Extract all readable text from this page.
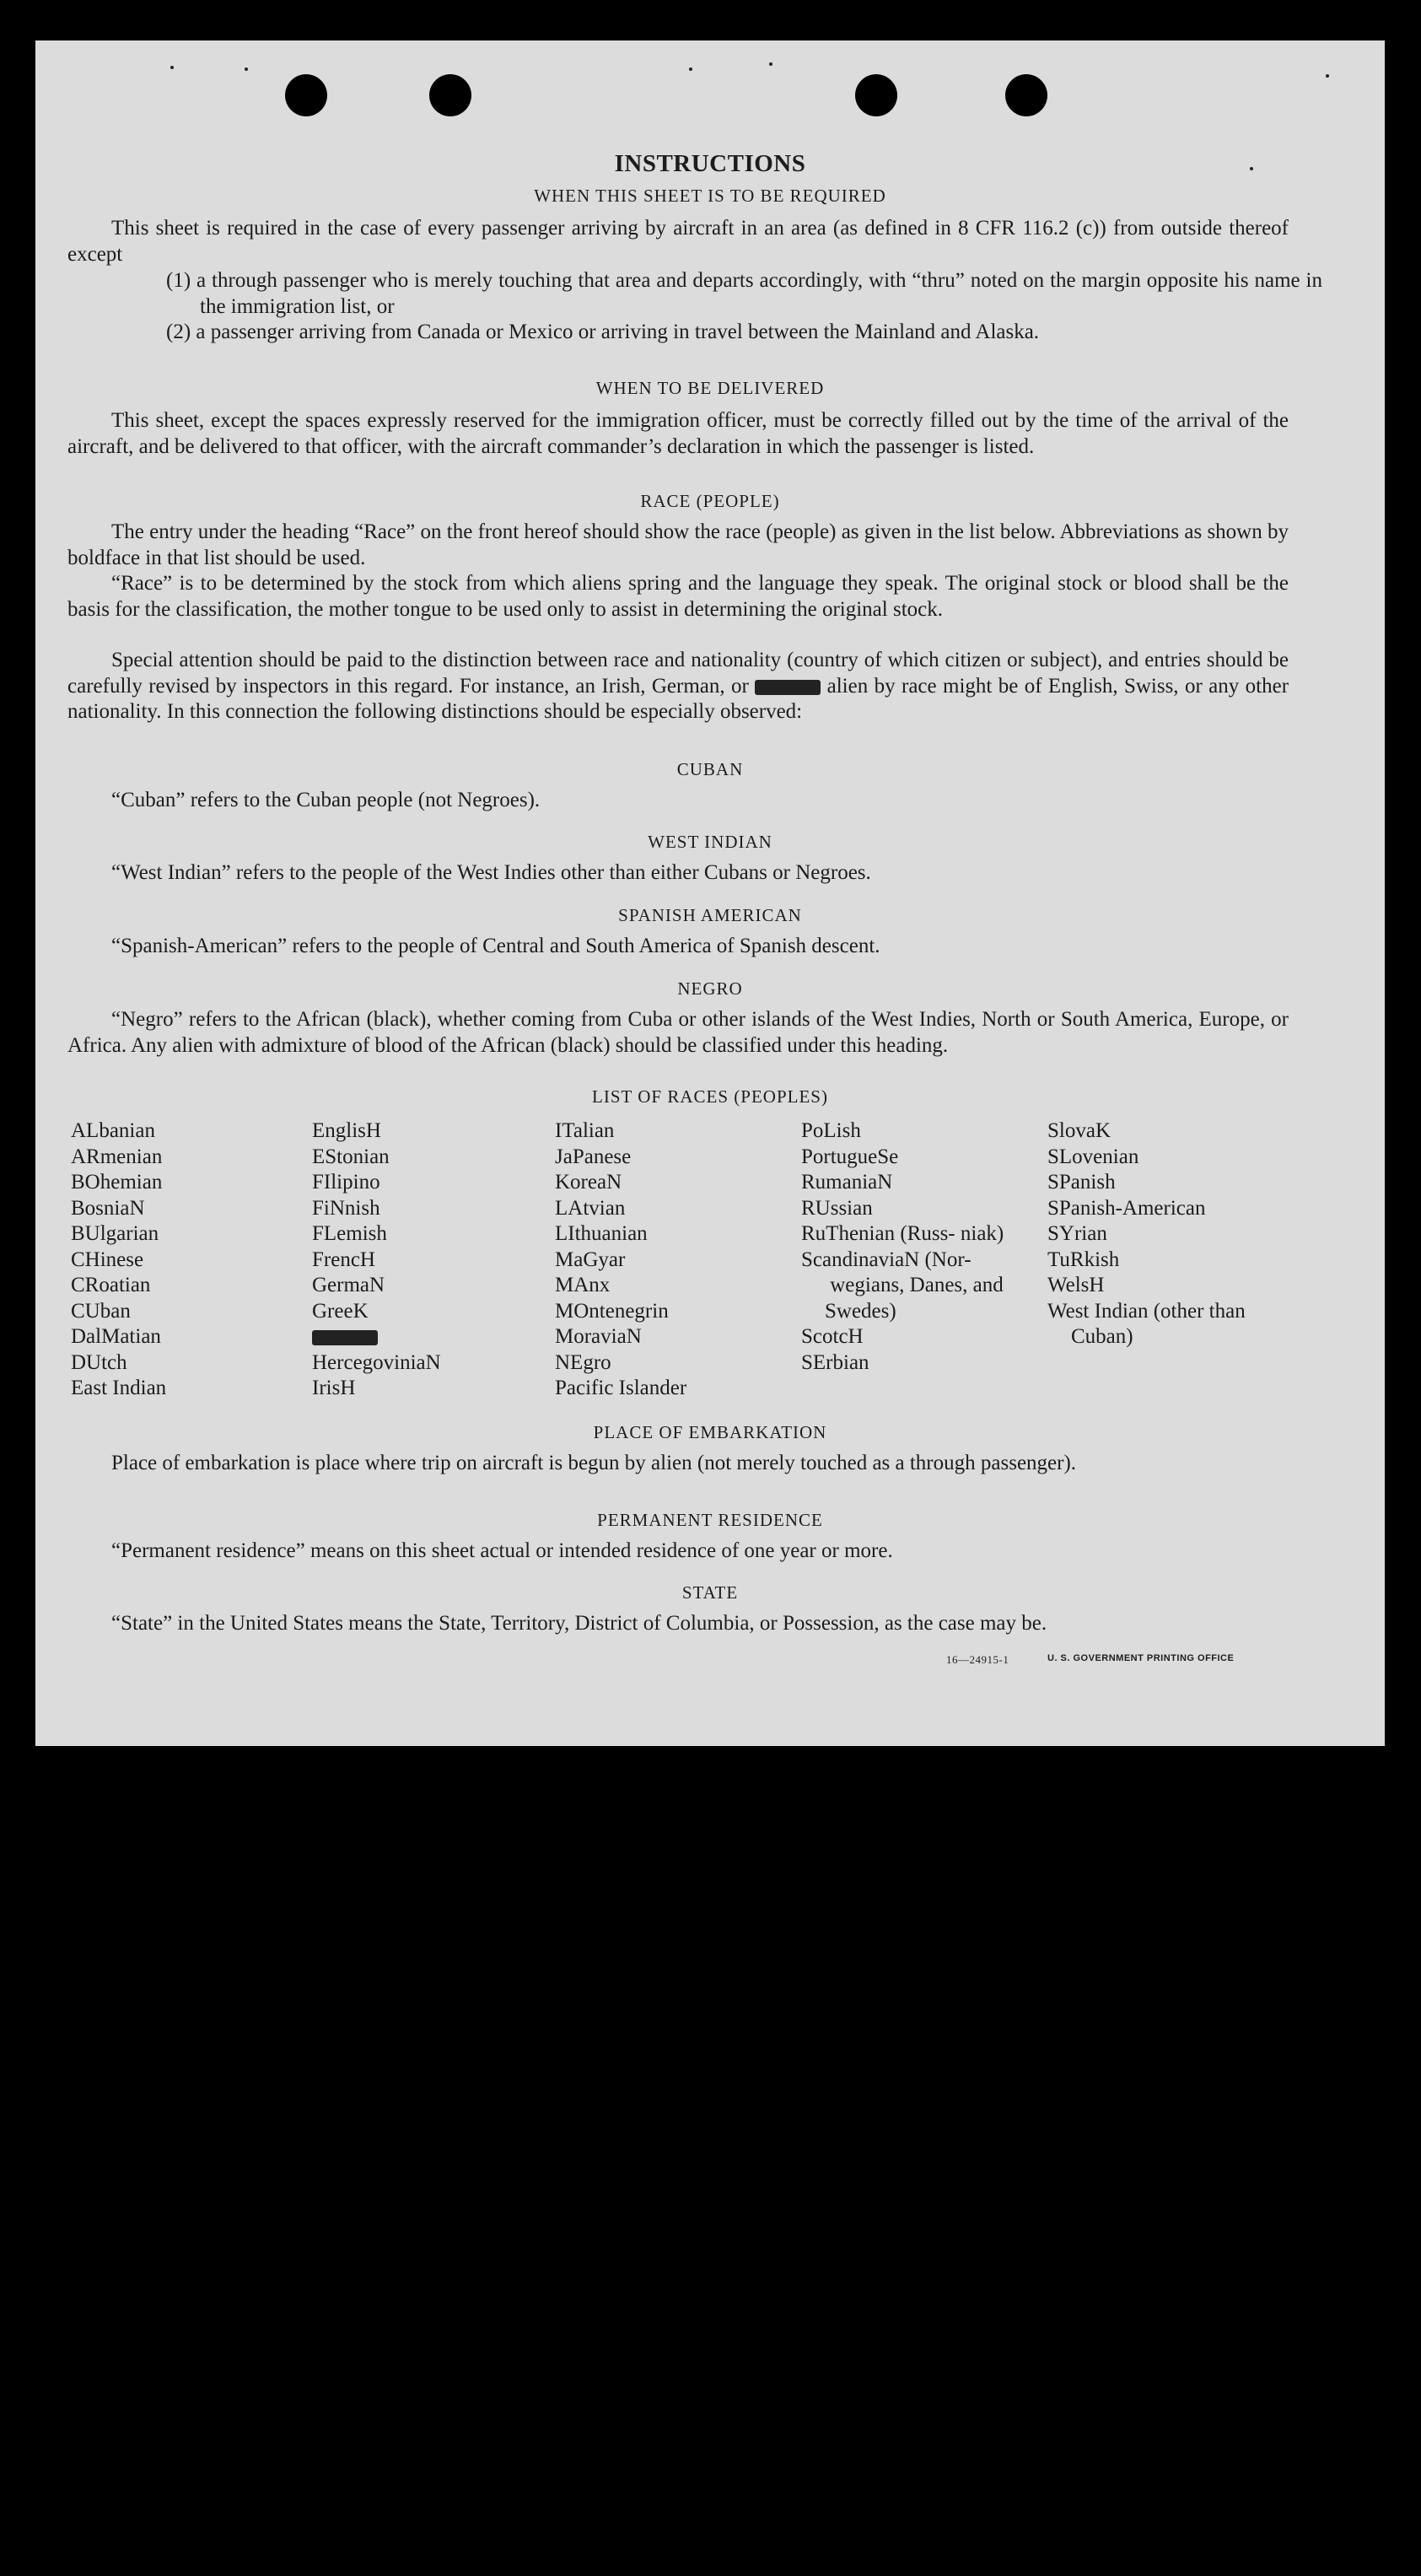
INSTRUCTIONS
WHEN THIS SHEET IS TO BE REQUIRED

This sheet is required in the case of every passenger arriving by aircraft in an area (as defined in 8 CFR 116.2 (c)) from outside thereof except

(1) a through passenger who is merely touching that area and departs accordingly, with “thru” noted on the margin opposite his name in the immigration list, or

(2) a passenger arriving from Canada or Mexico or arriving in travel between the Mainland and Alaska.

WHEN TO BE DELIVERED

This sheet, except the spaces expressly reserved for the immigration officer, must be correctly filled out by the time of the arrival of the aircraft, and be delivered to that officer, with the aircraft commander’s declaration in which the passenger is listed.

RACE (PEOPLE)

The entry under the heading “Race” on the front hereof should show the race (people) as given in the list below. Abbreviations as shown by boldface in that list should be used.

“Race” is to be determined by the stock from which aliens spring and the language they speak. The original stock or blood shall be the basis for the classification, the mother tongue to be used only to assist in determining the original stock.

Special attention should be paid to the distinction between race and nationality (country of which citizen or subject), and entries should be carefully revised by inspectors in this regard. For instance, an Irish, German, or	alien by race might be of English, Swiss, or any other nationality. In this connection the following distinctions should be especially observed:

CUBAN

“Cuban” refers to the Cuban people (not Negroes).

WEST INDIAN

“West Indian” refers to the people of the West Indies other than either Cubans or Negroes.

SPANISH AMERICAN

“Spanish-American” refers to the people of Central and South America of Spanish descent.

NEGRO

“Negro” refers to the African (black), whether coming from Cuba or other islands of the West Indies, North or South America, Europe, or Africa. Any alien with admixture of blood of the African (black) should be classified under this heading.

LIST OF RACES (PEOPLES)
ALbanian
ARmenian
BOhemian
BosniaN
BUlgarian
CHinese
CRoatian
CUban
DalMatian
DUtch
East Indian
EnglisH
EStonian
FIlipino
FiNnish
FLemish
FrencH
GermaN
GreeK
HercegoviniaN
IrisH
ITalian
JaPanese
KoreaN
LAtvian
LIthuanian
MaGyar
MAnx
MOntenegrin
MoraviaN
NEgro
Pacific Islander
PoLish
PortugueSe
RumaniaN
RUssian
RuThenian (Russ- niak)
ScandinaviaN (Nor- wegians, Danes, and Swedes)
ScotcH
SErbian
SlovaK
SLovenian
SPanish
SPanish-American
SYrian
TuRkish
WelsH
West Indian (other than Cuban)
PLACE OF EMBARKATION

Place of embarkation is place where trip on aircraft is begun by alien (not merely touched as a through passenger).

PERMANENT RESIDENCE

“Permanent residence” means on this sheet actual or intended residence of one year or more.

STATE

“State” in the United States means the State, Territory, District of Columbia, or Possession, as the case may be.

16—24915-1	U. S. GOVERNMENT PRINTING OFFICE
